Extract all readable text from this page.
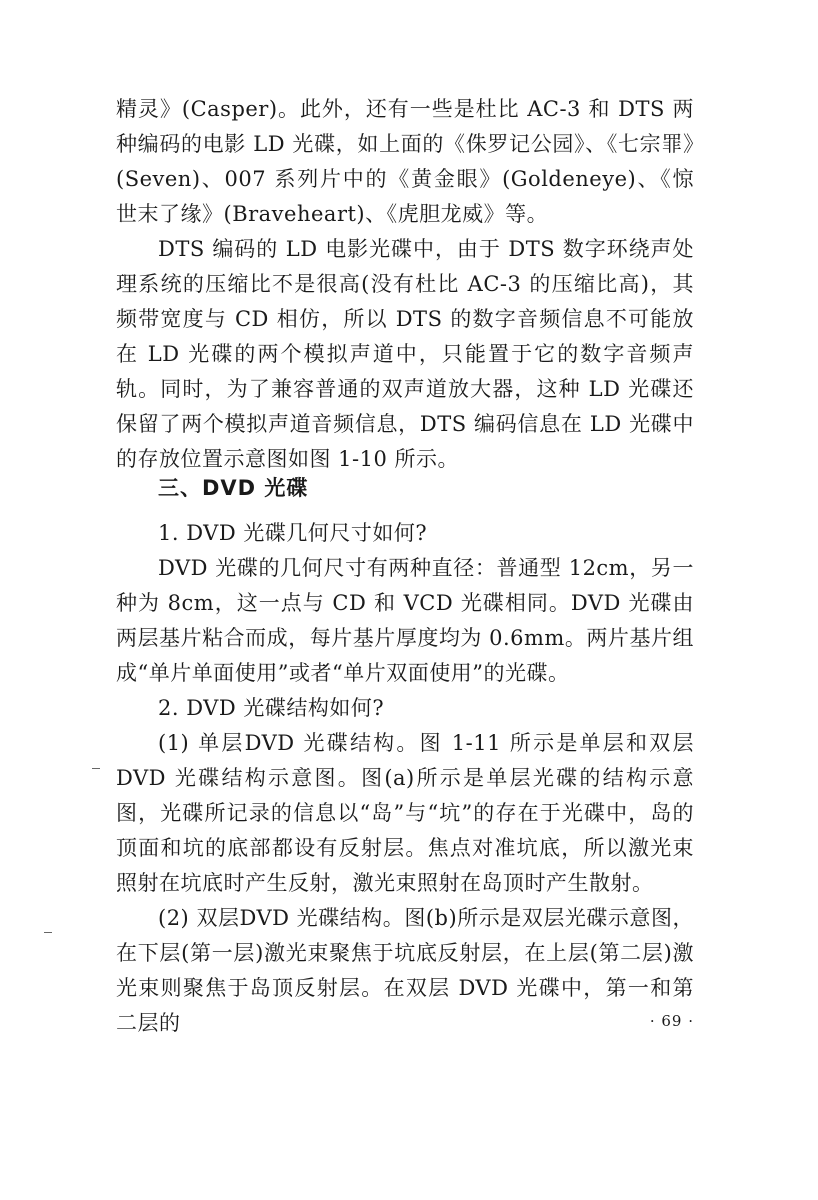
精灵》(Casper)。此外，还有一些是杜比 AC-3 和 DTS 两种编码的电影 LD 光碟，如上面的《侏罗记公园》、《七宗罪》(Seven)、007 系列片中的《黄金眼》(Goldeneye)、《惊世末了缘》(Braveheart)、《虎胆龙威》等。

DTS 编码的 LD 电影光碟中，由于 DTS 数字环绕声处理系统的压缩比不是很高(没有杜比 AC-3 的压缩比高)，其频带宽度与 CD 相仿，所以 DTS 的数字音频信息不可能放在 LD 光碟的两个模拟声道中，只能置于它的数字音频声轨。同时，为了兼容普通的双声道放大器，这种 LD 光碟还保留了两个模拟声道音频信息，DTS 编码信息在 LD 光碟中的存放位置示意图如图 1-10 所示。

三、DVD 光碟

1. DVD 光碟几何尺寸如何?

DVD 光碟的几何尺寸有两种直径：普通型 12cm，另一种为 8cm，这一点与 CD 和 VCD 光碟相同。DVD 光碟由两层基片粘合而成，每片基片厚度均为 0.6mm。两片基片组成“单片单面使用”或者“单片双面使用”的光碟。

2. DVD 光碟结构如何?

(1) 单层DVD 光碟结构。图 1-11 所示是单层和双层 DVD 光碟结构示意图。图(a)所示是单层光碟的结构示意图，光碟所记录的信息以“岛”与“坑”的存在于光碟中，岛的顶面和坑的底部都设有反射层。焦点对准坑底，所以激光束照射在坑底时产生反射，激光束照射在岛顶时产生散射。

(2) 双层DVD 光碟结构。图(b)所示是双层光碟示意图，在下层(第一层)激光束聚焦于坑底反射层，在上层(第二层)激光束则聚焦于岛顶反射层。在双层 DVD 光碟中，第一和第二层的	· 69 ·
